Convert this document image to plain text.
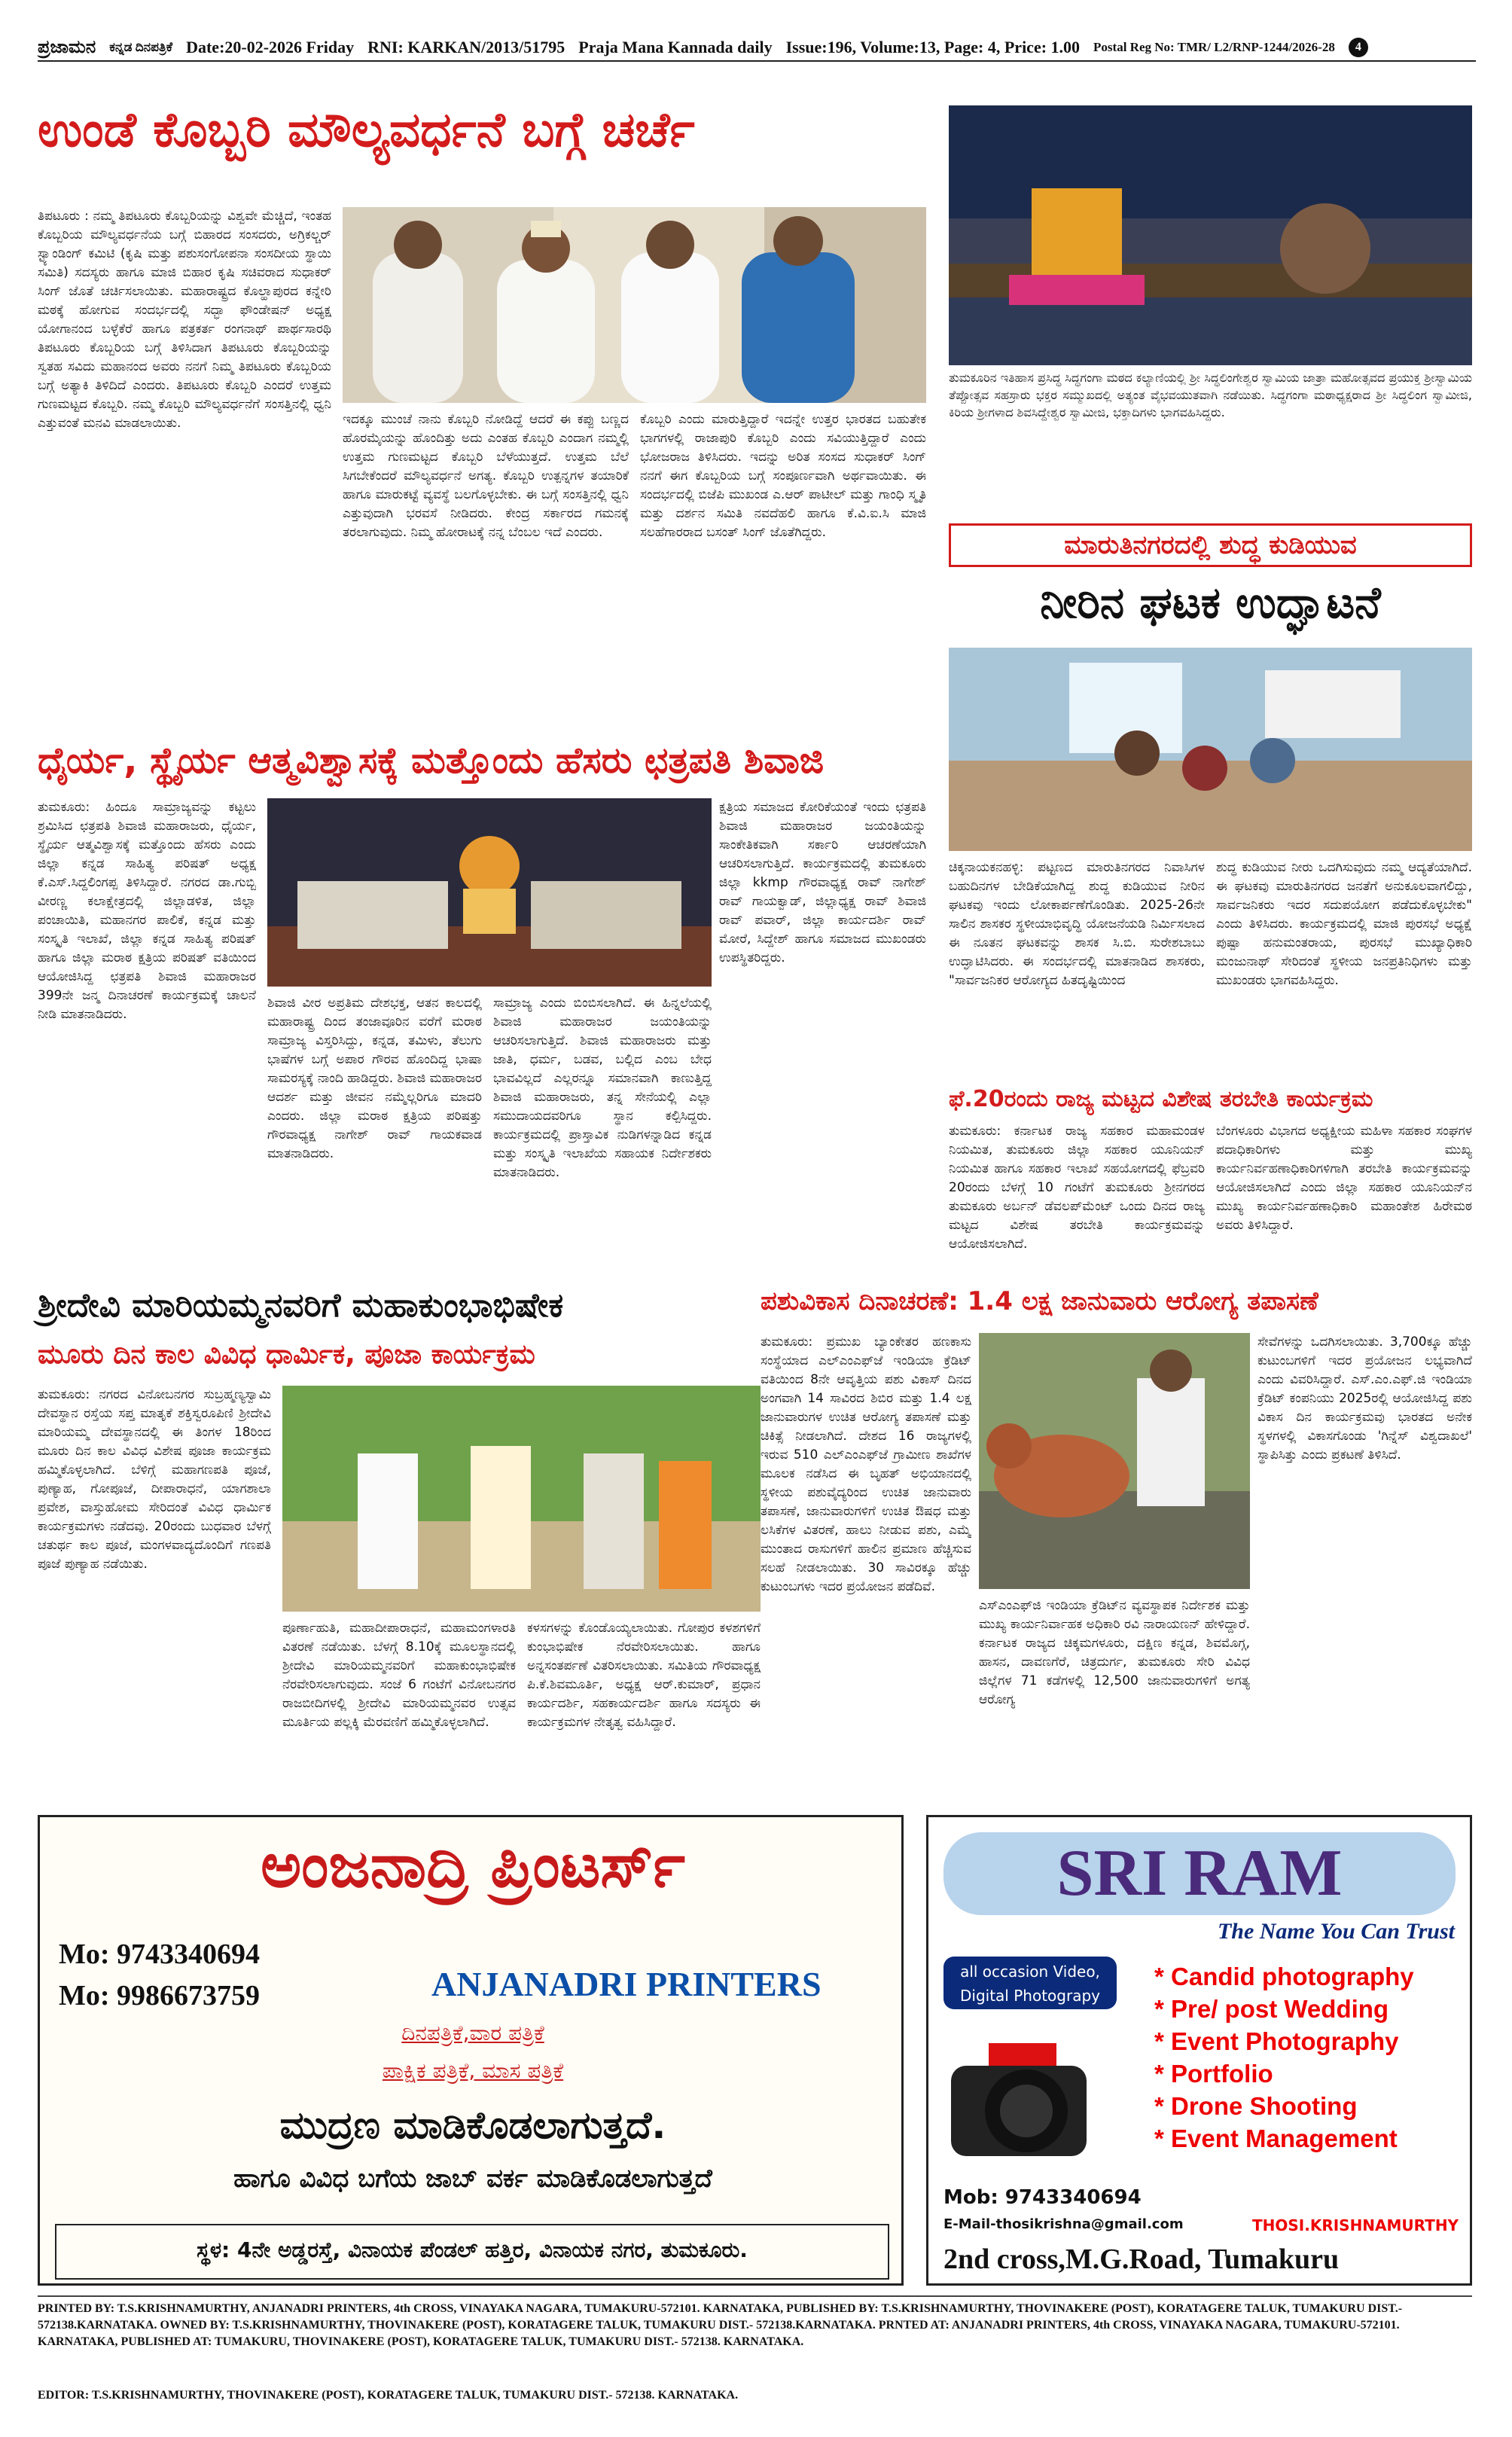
ಪ್ರಜಾಮನ ಕನ್ನಡ ದಿನಪತ್ರಿಕೆ Date:20-02-2026 Friday RNI: KARKAN/2013/51795 Praja Mana Kannada daily Issue:196, Volume:13, Page: 4, Price: 1.00 Postal Reg No: TMR/ L2/RNP-1244/2026-28	4
ಉಂಡೆ ಕೊಬ್ಬರಿ ಮೌಲ್ಯವರ್ಧನೆ ಬಗ್ಗೆ ಚರ್ಚೆ
ತಿಪಟೂರು : ನಮ್ಮ ತಿಪಟೂರು ಕೊಬ್ಬರಿಯನ್ನು ವಿಶ್ವವೇ ಮೆಚ್ಚಿದೆ, ಇಂತಹ ಕೊಬ್ಬರಿಯ ಮೌಲ್ಯವರ್ಧನೆಯ ಬಗ್ಗೆ ಬಿಹಾರದ ಸಂಸದರು, ಅಗ್ರಿಕಲ್ಚರ್ ಸ್ಟ್ಯಾಂಡಿಂಗ್ ಕಮಿಟಿ (ಕೃಷಿ ಮತ್ತು ಪಶುಸಂಗೋಪನಾ ಸಂಸದೀಯ ಸ್ಥಾಯಿ ಸಮಿತಿ) ಸದಸ್ಯರು ಹಾಗೂ ಮಾಜಿ ಬಿಹಾರ ಕೃಷಿ ಸಚಿವರಾದ ಸುಧಾಕರ್ ಸಿಂಗ್ ಜೊತೆ ಚರ್ಚಿಸಲಾಯಿತು. ಮಹಾರಾಷ್ಟ್ರದ ಕೊಲ್ಹಾಪುರದ ಕನ್ನೇರಿ ಮಠಕ್ಕೆ ಹೋಗುವ ಸಂದರ್ಭದಲ್ಲಿ ಸದ್ಭಾ ಫೌಂಡೇಷನ್ ಅಧ್ಯಕ್ಷ ಯೋಗಾನಂದ ಬಳ್ಳೆಕೆರೆ ಹಾಗೂ ಪತ್ರಕರ್ತ ರಂಗನಾಥ್ ಪಾರ್ಥಸಾರಥಿ ತಿಪಟೂರು ಕೊಬ್ಬರಿಯ ಬಗ್ಗೆ ತಿಳಿಸಿದಾಗ ತಿಪಟೂರು ಕೊಬ್ಬರಿಯನ್ನು ಸ್ವತಹ ಸವಿದು ಮಹಾನಂದ ಅವರು ನನಗೆ ನಿಮ್ಮ ತಿಪಟೂರು ಕೊಬ್ಬರಿಯ ಬಗ್ಗೆ ಅತ್ಯಾಕಿ ತಿಳಿದಿದೆ ಎಂದರು. ತಿಪಟೂರು ಕೊಬ್ಬರಿ ಎಂದರೆ ಉತ್ತಮ ಗುಣಮಟ್ಟದ ಕೊಬ್ಬರಿ. ನಮ್ಮ ಕೊಬ್ಬರಿ ಮೌಲ್ಯವರ್ಧನೆಗೆ ಸಂಸತ್ತಿನಲ್ಲಿ ಧ್ವನಿ ಎತ್ತುವಂತೆ ಮನವಿ ಮಾಡಲಾಯಿತು.	ಇದಕ್ಕೂ ಮುಂಚೆ ನಾನು ಕೊಬ್ಬರಿ ನೋಡಿದ್ದೆ ಆದರೆ ಈ ಕಪ್ಪು ಬಣ್ಣದ ಹೊರಮೈಯನ್ನು ಹೊಂದಿತ್ತು ಅದು ಎಂತಹ ಕೊಬ್ಬರಿ ಎಂದಾಗ ನಮ್ಮಲ್ಲಿ ಉತ್ತಮ ಗುಣಮಟ್ಟದ ಕೊಬ್ಬರಿ ಬೆಳೆಯುತ್ತದೆ. ಉತ್ತಮ ಬೆಲೆ ಸಿಗಬೇಕೆಂದರೆ ಮೌಲ್ಯವರ್ಧನೆ ಅಗತ್ಯ. ಕೊಬ್ಬರಿ ಉತ್ಪನ್ನಗಳ ತಯಾರಿಕೆ ಹಾಗೂ ಮಾರುಕಟ್ಟೆ ವ್ಯವಸ್ಥೆ ಬಲಗೊಳ್ಳಬೇಕು. ಈ ಬಗ್ಗೆ ಸಂಸತ್ತಿನಲ್ಲಿ ಧ್ವನಿ ಎತ್ತುವುದಾಗಿ ಭರವಸೆ ನೀಡಿದರು. ಕೇಂದ್ರ ಸರ್ಕಾರದ ಗಮನಕ್ಕೆ ತರಲಾಗುವುದು. ನಿಮ್ಮ ಹೋರಾಟಕ್ಕೆ ನನ್ನ ಬೆಂಬಲ ಇದೆ ಎಂದರು.
ಕೊಬ್ಬರಿ ಎಂದು ಮಾರುತ್ತಿದ್ದಾರೆ ಇದನ್ನೇ ಉತ್ತರ ಭಾರತದ ಬಹುತೇಕ ಭಾಗಗಳಲ್ಲಿ ರಾಜಾಪುರಿ ಕೊಬ್ಬರಿ ಎಂದು ಸವಿಯುತ್ತಿದ್ದಾರೆ ಎಂದು ಭೋಜರಾಜ ತಿಳಿಸಿದರು. ಇದನ್ನು ಅರಿತ ಸಂಸದ ಸುಧಾಕರ್ ಸಿಂಗ್ ನನಗೆ ಈಗ ಕೊಬ್ಬರಿಯ ಬಗ್ಗೆ ಸಂಪೂರ್ಣವಾಗಿ ಅರ್ಥವಾಯಿತು. ಈ ಸಂದರ್ಭದಲ್ಲಿ ಬಿಜೆಪಿ ಮುಖಂಡ ಎ.ಆರ್ ಪಾಟೀಲ್ ಮತ್ತು ಗಾಂಧಿ ಸ್ಮೃತಿ ಮತ್ತು ದರ್ಶನ ಸಮಿತಿ ನವದೆಹಲಿ ಹಾಗೂ ಕೆ.ವಿ.ಐ.ಸಿ ಮಾಜಿ ಸಲಹೆಗಾರರಾದ ಬಸಂತ್ ಸಿಂಗ್ ಜೊತೆಗಿದ್ದರು.
ತುಮಕೂರಿನ ಇತಿಹಾಸ ಪ್ರಸಿದ್ಧ ಸಿದ್ಧಗಂಗಾ ಮಠದ ಕಲ್ಯಾಣಿಯಲ್ಲಿ ಶ್ರೀ ಸಿದ್ಧಲಿಂಗೇಶ್ವರ ಸ್ವಾಮಿಯ ಜಾತ್ರಾ ಮಹೋತ್ಸವದ ಪ್ರಯುಕ್ತ ಶ್ರೀಸ್ವಾಮಿಯ ತೆಪ್ಪೋತ್ಸವ ಸಹಸ್ರಾರು ಭಕ್ತರ ಸಮ್ಮುಖದಲ್ಲಿ ಅತ್ಯಂತ ವೈಭವಯುತವಾಗಿ ನಡೆಯಿತು. ಸಿದ್ಧಗಂಗಾ ಮಠಾಧ್ಯಕ್ಷರಾದ ಶ್ರೀ ಸಿದ್ಧಲಿಂಗ ಸ್ವಾಮೀಜಿ, ಕಿರಿಯ ಶ್ರೀಗಳಾದ ಶಿವಸಿದ್ದೇಶ್ವರ ಸ್ವಾಮೀಜಿ, ಭಕ್ತಾದಿಗಳು ಭಾಗವಹಿಸಿದ್ದರು.
ಮಾರುತಿನಗರದಲ್ಲಿ ಶುದ್ಧ ಕುಡಿಯುವ
ನೀರಿನ ಘಟಕ ಉದ್ಘಾಟನೆ
ಚಿಕ್ಕನಾಯಕನಹಳ್ಳಿ: ಪಟ್ಟಣದ ಮಾರುತಿನಗರದ ನಿವಾಸಿಗಳ ಬಹುದಿನಗಳ ಬೇಡಿಕೆಯಾಗಿದ್ದ ಶುದ್ಧ ಕುಡಿಯುವ ನೀರಿನ ಘಟಕವು ಇಂದು ಲೋಕಾರ್ಪಣೆಗೊಂಡಿತು. 2025-26ನೇ ಸಾಲಿನ ಶಾಸಕರ ಸ್ಥಳೀಯಾಭಿವೃದ್ಧಿ ಯೋಜನೆಯಡಿ ನಿರ್ಮಿಸಲಾದ ಈ ನೂತನ ಘಟಕವನ್ನು ಶಾಸಕ ಸಿ.ಬಿ. ಸುರೇಶಬಾಬು ಉದ್ಘಾಟಿಸಿದರು. ಈ ಸಂದರ್ಭದಲ್ಲಿ ಮಾತನಾಡಿದ ಶಾಸಕರು, "ಸಾರ್ವಜನಿಕರ ಆರೋಗ್ಯದ ಹಿತದೃಷ್ಟಿಯಿಂದ
ಶುದ್ಧ ಕುಡಿಯುವ ನೀರು ಒದಗಿಸುವುದು ನಮ್ಮ ಆದ್ಯತೆಯಾಗಿದೆ. ಈ ಘಟಕವು ಮಾರುತಿನಗರದ ಜನತೆಗೆ ಅನುಕೂಲವಾಗಲಿದ್ದು, ಸಾರ್ವಜನಿಕರು ಇದರ ಸದುಪಯೋಗ ಪಡೆದುಕೊಳ್ಳಬೇಕು" ಎಂದು ತಿಳಿಸಿದರು. ಕಾರ್ಯಕ್ರಮದಲ್ಲಿ ಮಾಜಿ ಪುರಸಭೆ ಅಧ್ಯಕ್ಷೆ ಪುಷ್ಪಾ ಹನುಮಂತರಾಯ, ಪುರಸಭೆ ಮುಖ್ಯಾಧಿಕಾರಿ ಮಂಜುನಾಥ್ ಸೇರಿದಂತೆ ಸ್ಥಳೀಯ ಜನಪ್ರತಿನಿಧಿಗಳು ಮತ್ತು ಮುಖಂಡರು ಭಾಗವಹಿಸಿದ್ದರು.
ಫೆ.20ರಂದು ರಾಜ್ಯ ಮಟ್ಟದ ವಿಶೇಷ ತರಬೇತಿ ಕಾರ್ಯಕ್ರಮ
ತುಮಕೂರು: ಕರ್ನಾಟಕ ರಾಜ್ಯ ಸಹಕಾರ ಮಹಾಮಂಡಳ ನಿಯಮಿತ, ತುಮಕೂರು ಜಿಲ್ಲಾ ಸಹಕಾರ ಯೂನಿಯನ್ ನಿಯಮಿತ ಹಾಗೂ ಸಹಕಾರ ಇಲಾಖೆ ಸಹಯೋಗದಲ್ಲಿ ಫೆಬ್ರವರಿ 20ರಂದು ಬೆಳಗ್ಗೆ 10 ಗಂಟೆಗೆ ತುಮಕೂರು ಶ್ರೀನಗರದ ತುಮಕೂರು ಅರ್ಬನ್ ಡೆವಲಪ್‌ಮೆಂಟ್ ಒಂದು ದಿನದ ರಾಜ್ಯ ಮಟ್ಟದ ವಿಶೇಷ ತರಬೇತಿ ಕಾರ್ಯಕ್ರಮವನ್ನು ಆಯೋಜಿಸಲಾಗಿದೆ.
ಬೆಂಗಳೂರು ವಿಭಾಗದ ಅಧ್ಯಕ್ಷೀಯ ಮಹಿಳಾ ಸಹಕಾರ ಸಂಘಗಳ ಪದಾಧಿಕಾರಿಗಳು ಮತ್ತು ಮುಖ್ಯ ಕಾರ್ಯನಿರ್ವಹಣಾಧಿಕಾರಿಗಳಿಗಾಗಿ ತರಬೇತಿ ಕಾರ್ಯಕ್ರಮವನ್ನು ಆಯೋಜಿಸಲಾಗಿದೆ ಎಂದು ಜಿಲ್ಲಾ ಸಹಕಾರ ಯೂನಿಯನ್‌ನ ಮುಖ್ಯ ಕಾರ್ಯನಿರ್ವಹಣಾಧಿಕಾರಿ ಮಹಾಂತೇಶ ಹಿರೇಮಠ ಅವರು ತಿಳಿಸಿದ್ದಾರೆ.
ಧೈರ್ಯ, ಸ್ಥೈರ್ಯ ಆತ್ಮವಿಶ್ವಾಸಕ್ಕೆ ಮತ್ತೊಂದು ಹೆಸರು ಛತ್ರಪತಿ ಶಿವಾಜಿ
ತುಮಕೂರು: ಹಿಂದೂ ಸಾಮ್ರಾಜ್ಯವನ್ನು ಕಟ್ಟಲು ಶ್ರಮಿಸಿದ ಛತ್ರಪತಿ ಶಿವಾಜಿ ಮಹಾರಾಜರು, ಧೈರ್ಯ, ಸ್ಥೈರ್ಯ ಆತ್ಮವಿಶ್ವಾಸಕ್ಕೆ ಮತ್ತೊಂದು ಹೆಸರು ಎಂದು ಜಿಲ್ಲಾ ಕನ್ನಡ ಸಾಹಿತ್ಯ ಪರಿಷತ್ ಅಧ್ಯಕ್ಷ ಕೆ.ಎಸ್.ಸಿದ್ದಲಿಂಗಪ್ಪ ತಿಳಿಸಿದ್ದಾರೆ. ನಗರದ ಡಾ.ಗುಬ್ಬಿ ವೀರಣ್ಣ ಕಲಾಕ್ಷೇತ್ರದಲ್ಲಿ ಜಿಲ್ಲಾಡಳಿತ, ಜಿಲ್ಲಾ ಪಂಚಾಯಿತಿ, ಮಹಾನಗರ ಪಾಲಿಕೆ, ಕನ್ನಡ ಮತ್ತು ಸಂಸ್ಕೃತಿ ಇಲಾಖೆ, ಜಿಲ್ಲಾ ಕನ್ನಡ ಸಾಹಿತ್ಯ ಪರಿಷತ್ ಹಾಗೂ ಜಿಲ್ಲಾ ಮರಾಠ ಕ್ಷತ್ರಿಯ ಪರಿಷತ್ ವತಿಯಿಂದ ಆಯೋಜಿಸಿದ್ದ ಛತ್ರಪತಿ ಶಿವಾಜಿ ಮಹಾರಾಜರ 399ನೇ ಜನ್ಮ ದಿನಾಚರಣೆ ಕಾರ್ಯಕ್ರಮಕ್ಕೆ ಚಾಲನೆ ನೀಡಿ ಮಾತನಾಡಿದರು.
ಶಿವಾಜಿ ವೀರ ಅಪ್ರತಿಮ ದೇಶಭಕ್ತ, ಆತನ ಕಾಲದಲ್ಲಿ ಮಹಾರಾಷ್ಟ್ರ ದಿಂದ ತಂಜಾವೂರಿನ ವರೆಗೆ ಮರಾಠ ಸಾಮ್ರಾಜ್ಯ ವಿಸ್ತರಿಸಿದ್ದು, ಕನ್ನಡ, ತಮಿಳು, ತೆಲುಗು ಭಾಷೆಗಳ ಬಗ್ಗೆ ಅಪಾರ ಗೌರವ ಹೊಂದಿದ್ದ ಭಾಷಾ ಸಾಮರಸ್ಯಕ್ಕೆ ನಾಂದಿ ಹಾಡಿದ್ದರು. ಶಿವಾಜಿ ಮಹಾರಾಜರ ಆದರ್ಶ ಮತ್ತು ಜೀವನ ನಮ್ಮೆಲ್ಲರಿಗೂ ಮಾದರಿ ಎಂದರು. ಜಿಲ್ಲಾ ಮರಾಠ ಕ್ಷತ್ರಿಯ ಪರಿಷತ್ತು ಗೌರವಾಧ್ಯಕ್ಷ ನಾಗೇಶ್ ರಾವ್ ಗಾಯಕವಾಡ ಮಾತನಾಡಿದರು.
ಸಾಮ್ರಾಜ್ಯ ಎಂದು ಬಿಂಬಿಸಲಾಗಿದೆ. ಈ ಹಿನ್ನಲೆಯಲ್ಲಿ ಶಿವಾಜಿ ಮಹಾರಾಜರ ಜಯಂತಿಯನ್ನು ಆಚರಿಸಲಾಗುತ್ತಿದೆ. ಶಿವಾಜಿ ಮಹಾರಾಜರು ಮತ್ತು ಜಾತಿ, ಧರ್ಮ, ಬಡವ, ಬಲ್ಲಿದ ಎಂಬ ಬೇಧ ಭಾವವಿಲ್ಲದೆ ಎಲ್ಲರನ್ನೂ ಸಮಾನವಾಗಿ ಕಾಣುತ್ತಿದ್ದ ಶಿವಾಜಿ ಮಹಾರಾಜರು, ತನ್ನ ಸೇನೆಯಲ್ಲಿ ಎಲ್ಲಾ ಸಮುದಾಯದವರಿಗೂ ಸ್ಥಾನ ಕಲ್ಪಿಸಿದ್ದರು. ಕಾರ್ಯಕ್ರಮದಲ್ಲಿ ಪ್ರಾಸ್ತಾವಿಕ ನುಡಿಗಳನ್ನಾಡಿದ ಕನ್ನಡ ಮತ್ತು ಸಂಸ್ಕೃತಿ ಇಲಾಖೆಯ ಸಹಾಯಕ ನಿರ್ದೇಶಕರು ಮಾತನಾಡಿದರು.
ಕ್ಷತ್ರಿಯ ಸಮಾಜದ ಕೋರಿಕೆಯಂತೆ ಇಂದು ಛತ್ರಪತಿ ಶಿವಾಜಿ ಮಹಾರಾಜರ ಜಯಂತಿಯನ್ನು ಸಾಂಕೇತಿಕವಾಗಿ ಸರ್ಕಾರಿ ಆಚರಣೆಯಾಗಿ ಆಚರಿಸಲಾಗುತ್ತಿದೆ. ಕಾರ್ಯಕ್ರಮದಲ್ಲಿ ತುಮಕೂರು ಜಿಲ್ಲಾ kkmp ಗೌರವಾಧ್ಯಕ್ಷ ರಾವ್ ನಾಗೇಶ್ ರಾವ್ ಗಾಯಕ್ವಾಡ್, ಜಿಲ್ಲಾಧ್ಯಕ್ಷ ರಾವ್ ಶಿವಾಜಿ ರಾವ್ ಪವಾರ್, ಜಿಲ್ಲಾ ಕಾರ್ಯದರ್ಶಿ ರಾವ್ ಮೋರೆ, ಸಿದ್ದೇಶ್ ಹಾಗೂ ಸಮಾಜದ ಮುಖಂಡರು ಉಪಸ್ಥಿತರಿದ್ದರು.
ಶ್ರೀದೇವಿ ಮಾರಿಯಮ್ಮನವರಿಗೆ ಮಹಾಕುಂಭಾಭಿಷೇಕ
ಮೂರು ದಿನ ಕಾಲ ವಿವಿಧ ಧಾರ್ಮಿಕ, ಪೂಜಾ ಕಾರ್ಯಕ್ರಮ
ತುಮಕೂರು: ನಗರದ ವಿನೋಬನಗರ ಸುಬ್ರಹ್ಮಣ್ಯಸ್ವಾಮಿ ದೇವಸ್ಥಾನ ರಸ್ತೆಯ ಸಪ್ತ ಮಾತೃಕೆ ಶಕ್ತಿಸ್ವರೂಪಿಣಿ ಶ್ರೀದೇವಿ ಮಾರಿಯಮ್ಮ ದೇವಸ್ಥಾನದಲ್ಲಿ ಈ ತಿಂಗಳ 18ರಿಂದ ಮೂರು ದಿನ ಕಾಲ ವಿವಿಧ ವಿಶೇಷ ಪೂಜಾ ಕಾರ್ಯಕ್ರಮ ಹಮ್ಮಿಕೊಳ್ಳಲಾಗಿದೆ. ಬೆಳಿಗ್ಗೆ ಮಹಾಗಣಪತಿ ಪೂಜೆ, ಪುಣ್ಯಾಹ, ಗೋಪೂಜೆ, ದೀಪಾರಾಧನೆ, ಯಾಗಶಾಲಾ ಪ್ರವೇಶ, ವಾಸ್ತುಹೋಮ ಸೇರಿದಂತೆ ವಿವಿಧ ಧಾರ್ಮಿಕ ಕಾರ್ಯಕ್ರಮಗಳು ನಡೆದವು. 20ರಂದು ಬುಧವಾರ ಬೆಳಗ್ಗೆ ಚತುರ್ಥ ಕಾಲ ಪೂಜೆ, ಮಂಗಳವಾದ್ಯದೊಂದಿಗೆ ಗಣಪತಿ ಪೂಜೆ ಪುಣ್ಯಾಹ ನಡೆಯಿತು.
ಪೂರ್ಣಾಹುತಿ, ಮಹಾದೀಪಾರಾಧನೆ, ಮಹಾಮಂಗಳಾರತಿ ವಿತರಣೆ ನಡೆಯಿತು. ಬೆಳಗ್ಗೆ 8.10ಕ್ಕೆ ಮೂಲಸ್ಥಾನದಲ್ಲಿ ಶ್ರೀದೇವಿ ಮಾರಿಯಮ್ಮನವರಿಗೆ ಮಹಾಕುಂಭಾಭಿಷೇಕ ನೆರವೇರಿಸಲಾಗುವುದು. ಸಂಜೆ 6 ಗಂಟೆಗೆ ವಿನೋಬನಗರ ರಾಜಬೀದಿಗಳಲ್ಲಿ ಶ್ರೀದೇವಿ ಮಾರಿಯಮ್ಮನವರ ಉತ್ಸವ ಮೂರ್ತಿಯ ಪಲ್ಲಕ್ಕಿ ಮೆರವಣಿಗೆ ಹಮ್ಮಿಕೊಳ್ಳಲಾಗಿದೆ.
ಕಳಸಗಳನ್ನು ಕೊಂಡೊಯ್ಯಲಾಯಿತು. ಗೋಪುರ ಕಳಶಗಳಿಗೆ ಕುಂಭಾಭಿಷೇಕ ನೆರವೇರಿಸಲಾಯಿತು. ಹಾಗೂ ಅನ್ನಸಂತರ್ಪಣೆ ವಿತರಿಸಲಾಯಿತು. ಸಮಿತಿಯ ಗೌರವಾಧ್ಯಕ್ಷ ಪಿ.ಕೆ.ಶಿವಮೂರ್ತಿ, ಅಧ್ಯಕ್ಷ ಆರ್.ಕುಮಾರ್, ಪ್ರಧಾನ ಕಾರ್ಯದರ್ಶಿ, ಸಹಕಾರ್ಯದರ್ಶಿ ಹಾಗೂ ಸದಸ್ಯರು ಈ ಕಾರ್ಯಕ್ರಮಗಳ ನೇತೃತ್ವ ವಹಿಸಿದ್ದಾರೆ.
ಪಶುವಿಕಾಸ ದಿನಾಚರಣೆ: 1.4 ಲಕ್ಷ ಜಾನುವಾರು ಆರೋಗ್ಯ ತಪಾಸಣೆ
ತುಮಕೂರು: ಪ್ರಮುಖ ಬ್ಯಾಂಕೇತರ ಹಣಕಾಸು ಸಂಸ್ಥೆಯಾದ ಎಲ್‌ಎಂಎಫ್‌ಜೆ ಇಂಡಿಯಾ ಕ್ರೆಡಿಟ್ ವತಿಯಿಂದ 8ನೇ ಆವೃತ್ತಿಯ ಪಶು ವಿಕಾಸ್ ದಿನದ ಅಂಗವಾಗಿ 14 ಸಾವಿರದ ಶಿಬಿರ ಮತ್ತು 1.4 ಲಕ್ಷ ಜಾನುವಾರುಗಳ ಉಚಿತ ಆರೋಗ್ಯ ತಪಾಸಣೆ ಮತ್ತು ಚಿಕಿತ್ಸೆ ನೀಡಲಾಗಿದೆ. ದೇಶದ 16 ರಾಜ್ಯಗಳಲ್ಲಿ ಇರುವ 510 ಎಲ್‌ಎಂಎಫ್‌ಜೆ ಗ್ರಾಮೀಣ ಶಾಖೆಗಳ ಮೂಲಕ ನಡೆಸಿದ ಈ ಬೃಹತ್ ಅಭಿಯಾನದಲ್ಲಿ ಸ್ಥಳೀಯ ಪಶುವೈದ್ಯರಿಂದ ಉಚಿತ ಜಾನುವಾರು ತಪಾಸಣೆ, ಜಾನುವಾರುಗಳಿಗೆ ಉಚಿತ ಔಷಧ ಮತ್ತು ಲಸಿಕೆಗಳ ವಿತರಣೆ, ಹಾಲು ನೀಡುವ ಪಶು, ಎಮ್ಮೆ ಮುಂತಾದ ರಾಸುಗಳಿಗೆ ಹಾಲಿನ ಪ್ರಮಾಣ ಹೆಚ್ಚಿಸುವ ಸಲಹೆ ನೀಡಲಾಯಿತು. 30 ಸಾವಿರಕ್ಕೂ ಹೆಚ್ಚು ಕುಟುಂಬಗಳು ಇದರ ಪ್ರಯೋಜನ ಪಡೆದಿವೆ.
ಎಸ್‌ಎಂಎಫ್‌ಜಿ ಇಂಡಿಯಾ ಕ್ರೆಡಿಟ್‌ನ ವ್ಯವಸ್ಥಾಪಕ ನಿರ್ದೇಶಕ ಮತ್ತು ಮುಖ್ಯ ಕಾರ್ಯನಿರ್ವಾಹಕ ಅಧಿಕಾರಿ ರವಿ ನಾರಾಯಣನ್ ಹೇಳಿದ್ದಾರೆ. ಕರ್ನಾಟಕ ರಾಜ್ಯದ ಚಿಕ್ಕಮಗಳೂರು, ದಕ್ಷಿಣ ಕನ್ನಡ, ಶಿವಮೊಗ್ಗ, ಹಾಸನ, ದಾವಣಗೆರೆ, ಚಿತ್ರದುರ್ಗ, ತುಮಕೂರು ಸೇರಿ ವಿವಿಧ ಜಿಲ್ಲೆಗಳ 71 ಕಡೆಗಳಲ್ಲಿ 12,500 ಜಾನುವಾರುಗಳಿಗೆ ಅಗತ್ಯ ಆರೋಗ್ಯ
ಸೇವೆಗಳನ್ನು ಒದಗಿಸಲಾಯಿತು. 3,700ಕ್ಕೂ ಹೆಚ್ಚು ಕುಟುಂಬಗಳಿಗೆ ಇದರ ಪ್ರಯೋಜನ ಲಭ್ಯವಾಗಿದೆ ಎಂದು ವಿವರಿಸಿದ್ದಾರೆ. ಎಸ್.ಎಂ.ಎಫ್.ಜಿ ಇಂಡಿಯಾ ಕ್ರೆಡಿಟ್ ಕಂಪನಿಯು 2025ರಲ್ಲಿ ಆಯೋಜಿಸಿದ್ದ ಪಶು ವಿಕಾಸ ದಿನ ಕಾರ್ಯಕ್ರಮವು ಭಾರತದ ಅನೇಕ ಸ್ಥಳಗಳಲ್ಲಿ ವಿಕಾಸಗೊಂಡು 'ಗಿನ್ನೆಸ್ ವಿಶ್ವದಾಖಲೆ' ಸ್ಥಾಪಿಸಿತ್ತು ಎಂದು ಪ್ರಕಟಣೆ ತಿಳಿಸಿದೆ.
ಅಂಜನಾದ್ರಿ ಪ್ರಿಂಟರ್ಸ್
Mo: 9743340694
Mo: 9986673759	ANJANADRI PRINTERS
ದಿನಪತ್ರಿಕೆ,ವಾರ ಪತ್ರಿಕೆ
ಪಾಕ್ಷಿಕ ಪತ್ರಿಕೆ, ಮಾಸ ಪತ್ರಿಕೆ
ಮುದ್ರಣ ಮಾಡಿಕೊಡಲಾಗುತ್ತದೆ.
ಹಾಗೂ ವಿವಿಧ ಬಗೆಯ ಜಾಬ್ ವರ್ಕ ಮಾಡಿಕೊಡಲಾಗುತ್ತದೆ
ಸ್ಥಳ: 4ನೇ ಅಡ್ಡರಸ್ತೆ, ವಿನಾಯಕ ಪೆಂಡಲ್ ಹತ್ತಿರ, ವಿನಾಯಕ ನಗರ, ತುಮಕೂರು.
SRI RAM
The Name You Can Trust
all occasion Video, Digital Photograpy
* Candid photography
* Pre/ post Wedding
* Event Photography
* Portfolio
* Drone Shooting
* Event Management
Mob: 9743340694
E-Mail-thosikrishna@gmail.com	THOSI.KRISHNAMURTHY
2nd cross,M.G.Road, Tumakuru
PRINTED BY: T.S.KRISHNAMURTHY, ANJANADRI PRINTERS, 4th CROSS, VINAYAKA NAGARA, TUMAKURU-572101. KARNATAKA, PUBLISHED BY: T.S.KRISHNAMURTHY, THOVINAKERE (POST), KORATAGERE TALUK, TUMAKURU DIST.- 572138.KARNATAKA. OWNED BY: T.S.KRISHNAMURTHY, THOVINAKERE (POST), KORATAGERE TALUK, TUMAKURU DIST.- 572138.KARNATAKA. PRNTED AT: ANJANADRI PRINTERS, 4th CROSS, VINAYAKA NAGARA, TUMAKURU-572101. KARNATAKA, PUBLISHED AT: TUMAKURU, THOVINAKERE (POST), KORATAGERE TALUK, TUMAKURU DIST.- 572138. KARNATAKA.
EDITOR: T.S.KRISHNAMURTHY, THOVINAKERE (POST), KORATAGERE TALUK, TUMAKURU DIST.- 572138. KARNATAKA.
